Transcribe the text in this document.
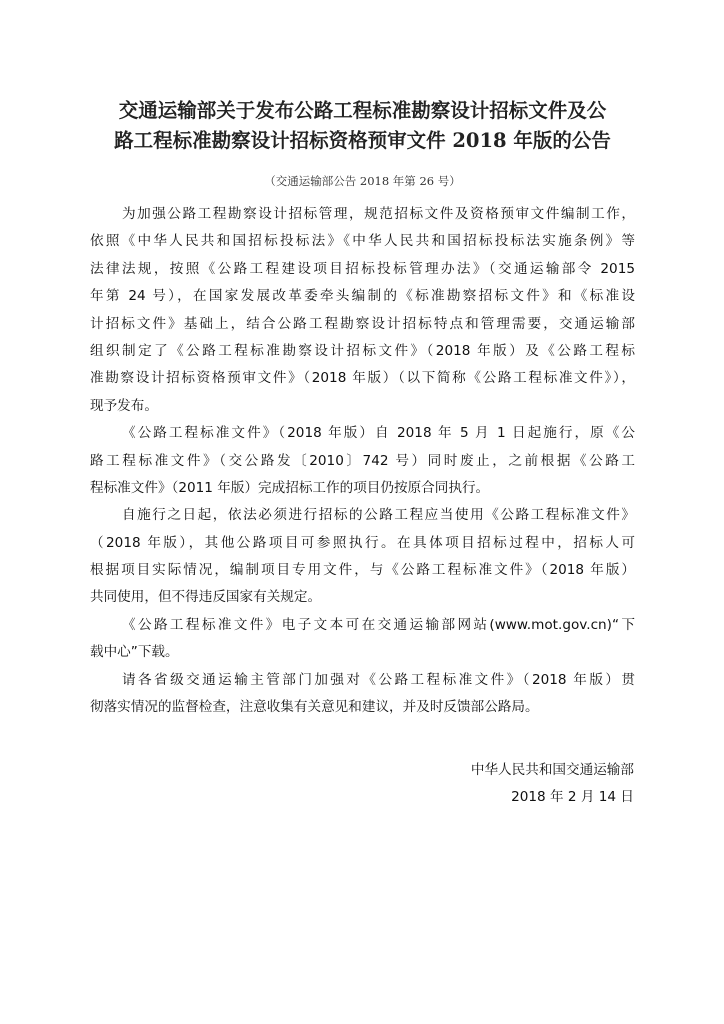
交通运输部关于发布公路工程标准勘察设计招标文件及公
路工程标准勘察设计招标资格预审文件 2018 年版的公告
（交通运输部公告 2018 年第 26 号）
为加强公路工程勘察设计招标管理，规范招标文件及资格预审文件编制工作，
依照《中华人民共和国招标投标法》《中华人民共和国招标投标法实施条例》等
法律法规，按照《公路工程建设项目招标投标管理办法》（交通运输部令 2015
年第 24 号），在国家发展改革委牵头编制的《标准勘察招标文件》和《标准设
计招标文件》基础上，结合公路工程勘察设计招标特点和管理需要，交通运输部
组织制定了《公路工程标准勘察设计招标文件》（2018 年版）及《公路工程标
准勘察设计招标资格预审文件》（2018 年版）（以下简称《公路工程标准文件》），
现予发布。
《公路工程标准文件》（2018 年版）自 2018 年 5 月 1 日起施行，原《公
路工程标准文件》（交公路发〔2010〕742 号）同时废止，之前根据《公路工
程标准文件》（2011 年版）完成招标工作的项目仍按原合同执行。
自施行之日起，依法必须进行招标的公路工程应当使用《公路工程标准文件》
（2018 年版），其他公路项目可参照执行。在具体项目招标过程中，招标人可
根据项目实际情况，编制项目专用文件，与《公路工程标准文件》（2018 年版）
共同使用，但不得违反国家有关规定。
《公路工程标准文件》电子文本可在交通运输部网站(www.mot.gov.cn)“下
载中心”下载。
请各省级交通运输主管部门加强对《公路工程标准文件》（2018 年版）贯
彻落实情况的监督检查，注意收集有关意见和建议，并及时反馈部公路局。
中华人民共和国交通运输部
2018 年 2 月 14 日
